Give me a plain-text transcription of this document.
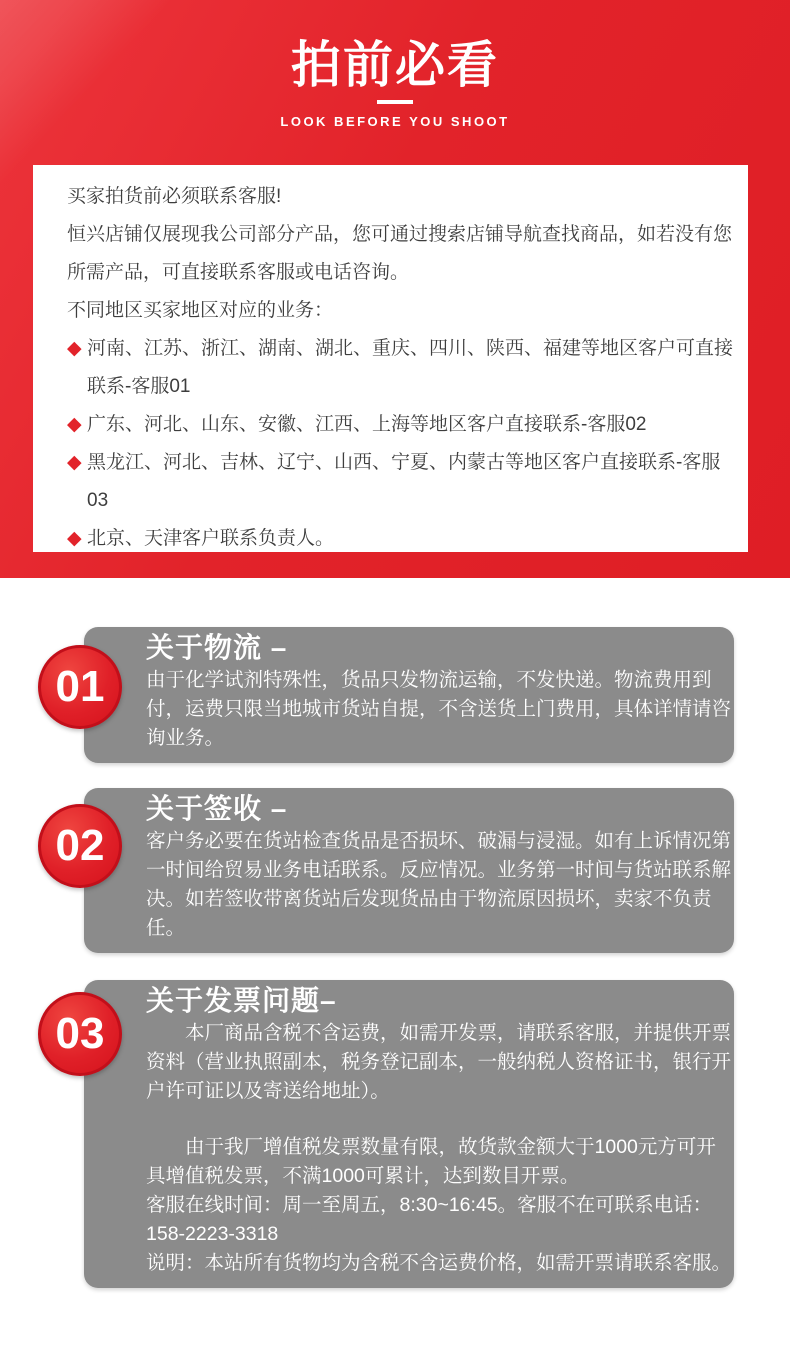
拍前必看

LOOK BEFORE YOU SHOOT

买家拍货前必须联系客服!

恒兴店铺仅展现我公司部分产品，您可通过搜索店铺导航查找商品，如若没有您所需产品，可直接联系客服或电话咨询。

不同地区买家地区对应的业务：

◆ 河南、江苏、浙江、湖南、湖北、重庆、四川、陕西、福建等地区客户可直接联系-客服01
◆ 广东、河北、山东、安徽、江西、上海等地区客户直接联系-客服02
◆ 黑龙江、河北、吉林、辽宁、山西、宁夏、内蒙古等地区客户直接联系-客服03
◆ 北京、天津客户联系负责人。
关于物流 –

由于化学试剂特殊性，货品只发物流运输，不发快递。物流费用到付，运费只限当地城市货站自提，不含送货上门费用，具体详情请咨询业务。

01
关于签收 –

客户务必要在货站检查货品是否损坏、破漏与浸湿。如有上诉情况第一时间给贸易业务电话联系。反应情况。业务第一时间与货站联系解决。如若签收带离货站后发现货品由于物流原因损坏，卖家不负责任。

02
关于发票问题–

本厂商品含税不含运费，如需开发票，请联系客服，并提供开票资料（营业执照副本，税务登记副本，一般纳税人资格证书，银行开户许可证以及寄送给地址）。

由于我厂增值税发票数量有限，故货款金额大于1000元方可开具增值税发票，不满1000可累计，达到数目开票。

客服在线时间：周一至周五，8:30~16:45。客服不在可联系电话：

158-2223-3318

说明：本站所有货物均为含税不含运费价格，如需开票请联系客服。

03
